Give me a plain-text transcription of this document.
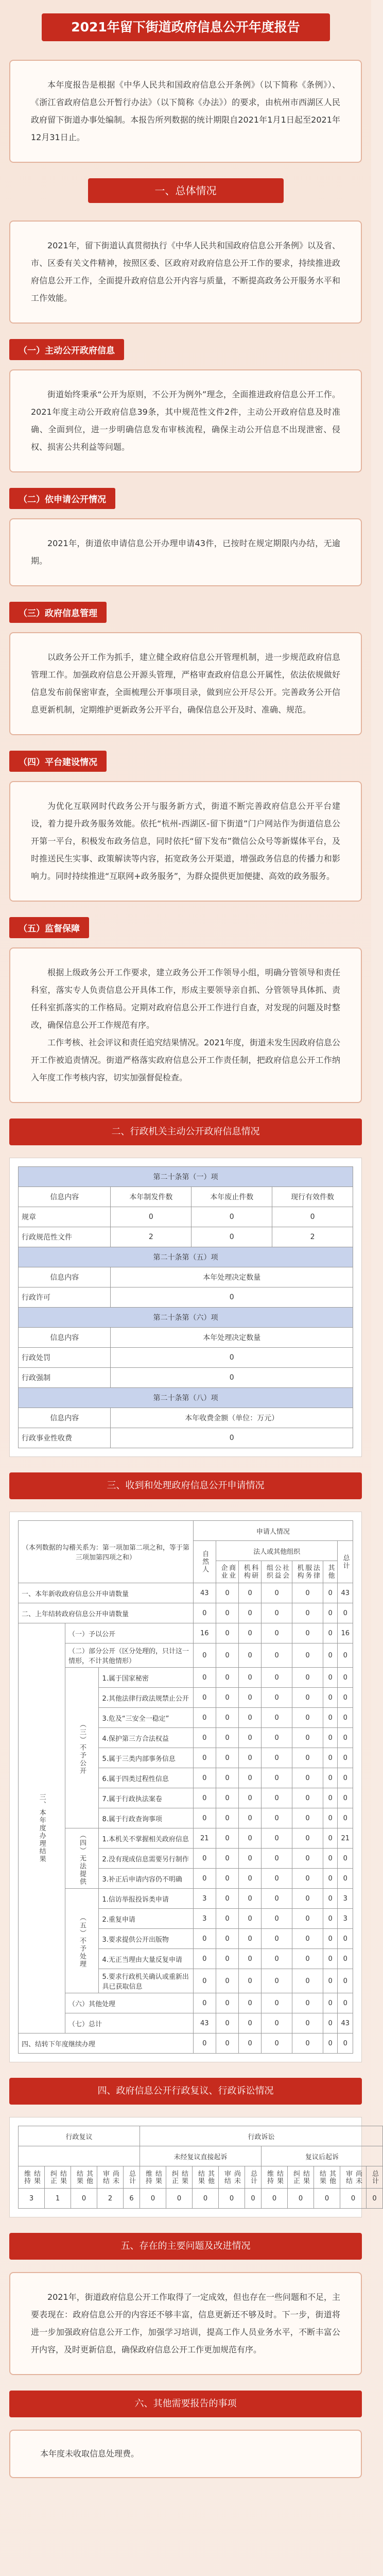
2021年留下街道政府信息公开年度报告

本年度报告是根据《中华人民共和国政府信息公开条例》（以下简称《条例》）、《浙江省政府信息公开暂行办法》（以下简称《办法》）的要求，由杭州市西湖区人民政府留下街道办事处编制。本报告所列数据的统计期限自2021年1月1日起至2021年12月31日止。

一、总体情况

2021年，留下街道认真贯彻执行《中华人民共和国政府信息公开条例》以及省、市、区委有关文件精神，按照区委、区政府对政府信息公开工作的要求，持续推进政府信息公开工作，全面提升政府信息公开内容与质量，不断提高政务公开服务水平和工作效能。

（一）主动公开政府信息

街道始终秉承“公开为原则，不公开为例外”理念，全面推进政府信息公开工作。2021年度主动公开政府信息39条，其中规范性文件2件，主动公开政府信息及时准确、全面到位，进一步明确信息发布审核流程，确保主动公开信息不出现泄密、侵权、损害公共利益等问题。

（二）依申请公开情况

2021年，街道依申请信息公开办理申请43件，已按时在规定期限内办结，无逾期。

（三）政府信息管理

以政务公开工作为抓手，建立健全政府信息公开管理机制，进一步规范政府信息管理工作。加强政府信息公开源头管理，严格审查政府信息公开属性，依法依规做好信息发布前保密审查，全面梳理公开事项目录，做到应公开尽公开。完善政务公开信息更新机制，定期维护更新政务公开平台，确保信息公开及时、准确、规范。

（四）平台建设情况

为优化互联网时代政务公开与服务新方式，街道不断完善政府信息公开平台建设，着力提升政务服务效能。依托“杭州-西湖区-留下街道”门户网站作为街道信息公开第一平台，积极发布政务信息，同时依托“留下发布”微信公众号等新媒体平台，及时推送民生实事、政策解读等内容，拓宽政务公开渠道，增强政务信息的传播力和影响力。同时持续推进“互联网+政务服务”，为群众提供更加便捷、高效的政务服务。

（五）监督保障

根据上级政务公开工作要求，建立政务公开工作领导小组，明确分管领导和责任科室，落实专人负责信息公开具体工作，形成主要领导亲自抓、分管领导具体抓、责任科室抓落实的工作格局。定期对政府信息公开工作进行自查，对发现的问题及时整改，确保信息公开工作规范有序。

工作考核、社会评议和责任追究结果情况。2021年度，街道未发生因政府信息公开工作被追责情况。街道严格落实政府信息公开工作责任制，把政府信息公开工作纳入年度工作考核内容，切实加强督促检查。

二、行政机关主动公开政府信息情况
第二十条第（一）项			
信息内容	本年制发件数	本年废止件数	现行有效件数
规章	0	0	0
行政规范性文件	2	0	2
第二十条第（五）项			
信息内容	本年处理决定数量		
行政许可	0		
第二十条第（六）项			
信息内容	本年处理决定数量		
行政处罚	0		
行政强制	0		
第二十条第（八）项			
信息内容	本年收费金额（单位：万元）		
行政事业性收费	0		
三、收到和处理政府信息公开申请情况
（本列数据的勾稽关系为：第一项加第二项之和，等于第三项加第四项之和）			申请人情况						
			自然人	法人或其他组织					总计
				商业企业	科研机构	社会公益组织	法律服务机构	其他	
一、本年新收政府信息公开申请数量			43	0	0	0	0	0	43
二、上年结转政府信息公开申请数量			0	0	0	0	0	0	0
三、本年度办理结果	（一）予以公开		16	0	0	0	0	0	16
	（二）部分公开（区分处理的，只计这一情形，不计其他情形）		0	0	0	0	0	0	0
	（三）不予公开	1.属于国家秘密	0	0	0	0	0	0	0
		2.其他法律行政法规禁止公开	0	0	0	0	0	0	0
		3.危及“三安全一稳定”	0	0	0	0	0	0	0
		4.保护第三方合法权益	0	0	0	0	0	0	0
		5.属于三类内部事务信息	0	0	0	0	0	0	0
		6.属于四类过程性信息	0	0	0	0	0	0	0
		7.属于行政执法案卷	0	0	0	0	0	0	0
		8.属于行政查询事项	0	0	0	0	0	0	0
	（四）无法提供	1.本机关不掌握相关政府信息	21	0	0	0	0	0	21
		2.没有现成信息需要另行制作	0	0	0	0	0	0	0
		3.补正后申请内容仍不明确	0	0	0	0	0	0	0
	（五）不予处理	1.信访举报投诉类申请	3	0	0	0	0	0	3
		2.重复申请	3	0	0	0	0	0	3
		3.要求提供公开出版物	0	0	0	0	0	0	0
		4.无正当理由大量反复申请	0	0	0	0	0	0	0
		5.要求行政机关确认或重新出具已获取信息	0	0	0	0	0	0	0
	（六）其他处理		0	0	0	0	0	0	0
	（七）总计		43	0	0	0	0	0	43
四、结转下年度继续办理			0	0	0	0	0	0	0
四、政府信息公开行政复议、行政诉讼情况
行政复议					行政诉讼									
					未经复议直接起诉					复议后起诉				
结果维持	结果纠正	其他结果	尚未审结	总计	结果维持	结果纠正	其他结果	尚未审结	总计	结果维持	结果纠正	其他结果	尚未审结	总计
3	1	0	2	6	0	0	0	0	0	0	0	0	0	0
五、存在的主要问题及改进情况

2021年，街道政府信息公开工作取得了一定成效，但也存在一些问题和不足，主要表现在：政府信息公开的内容还不够丰富，信息更新还不够及时。下一步，街道将进一步加强政府信息公开工作，加强学习培训，提高工作人员业务水平，不断丰富公开内容，及时更新信息，确保政府信息公开工作更加规范有序。

六、其他需要报告的事项
本年度未收取信息处理费。
